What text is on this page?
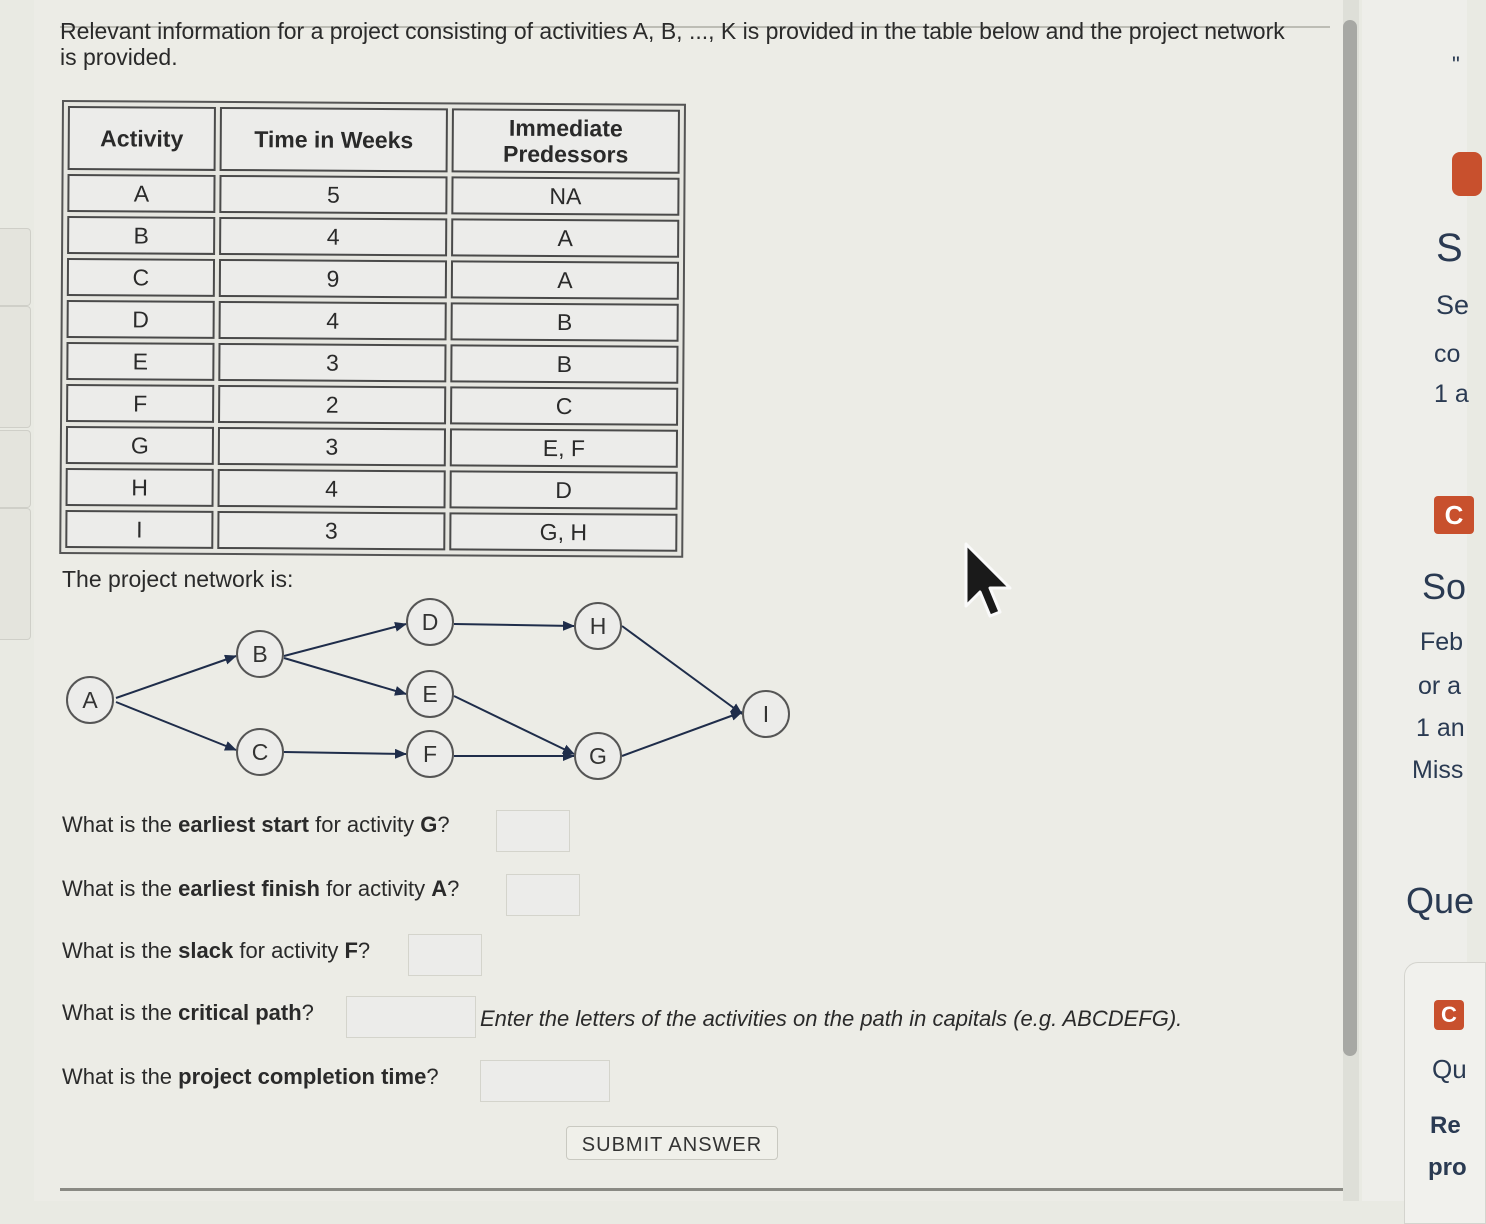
Relevant information for a project consisting of activities A, B, ..., K is provided in the table below and the project network is provided.
Activity	Time in Weeks	Immediate Predessors
A	5	NA
B	4	A
C	9	A
D	4	B
E	3	B
F	2	C
G	3	E, F
H	4	D
I	3	G, H
The project network is:
A
B
C
D
E
F	G
H
I
What is the earliest start for activity G?
What is the earliest finish for activity A?
What is the slack for activity F?
What is the critical path?	Enter the letters of the activities on the path in capitals (e.g. ABCDEFG).
What is the project completion time?
SUBMIT ANSWER
"
S
Se
co
1 a
C
So
Feb
or a
1 an
Miss
Que
C
Qu
Re
pro
